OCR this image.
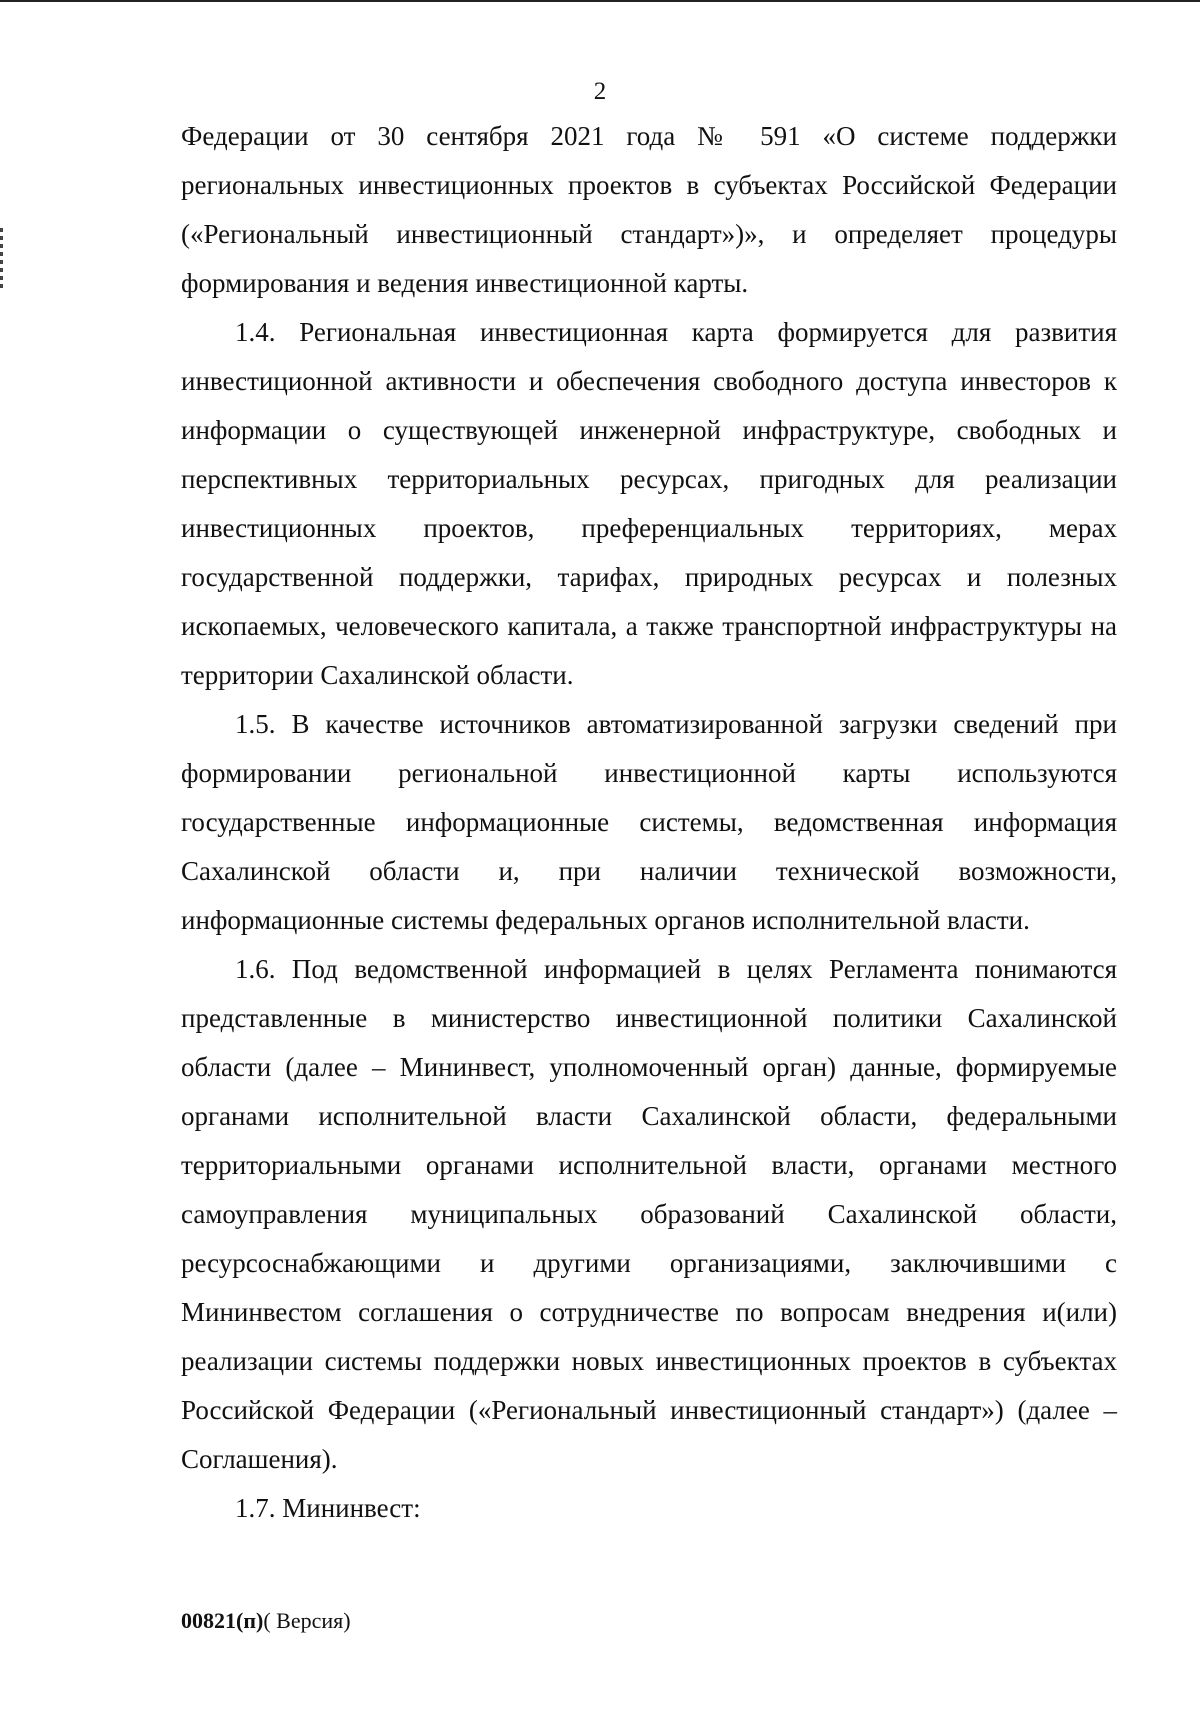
2

Федерации от 30 сентября 2021 года № 591 «О системе поддержки региональных инвестиционных проектов в субъектах Российской Федерации («Региональный инвестиционный стандарт»)», и определяет процедуры формирования и ведения инвестиционной карты.

1.4. Региональная инвестиционная карта формируется для развития инвестиционной активности и обеспечения свободного доступа инвесторов к информации о существующей инженерной инфраструктуре, свободных и перспективных территориальных ресурсах, пригодных для реализации инвестиционных проектов, преференциальных территориях, мерах государственной поддержки, тарифах, природных ресурсах и полезных ископаемых, человеческого капитала, а также транспортной инфраструктуры на территории Сахалинской области.

1.5. В качестве источников автоматизированной загрузки сведений при формировании региональной инвестиционной карты используются государственные информационные системы, ведомственная информация Сахалинской области и, при наличии технической возможности, информационные системы федеральных органов исполнительной власти.

1.6. Под ведомственной информацией в целях Регламента понимаются представленные в министерство инвестиционной политики Сахалинской области (далее – Мининвест, уполномоченный орган) данные, формируемые органами исполнительной власти Сахалинской области, федеральными территориальными органами исполнительной власти, органами местного самоуправления муниципальных образований Сахалинской области, ресурсоснабжающими и другими организациями, заключившими с Мининвестом соглашения о сотрудничестве по вопросам внедрения и(или) реализации системы поддержки новых инвестиционных проектов в субъектах Российской Федерации («Региональный инвестиционный стандарт») (далее – Соглашения).

1.7. Мининвест:

00821(п)( Версия)
